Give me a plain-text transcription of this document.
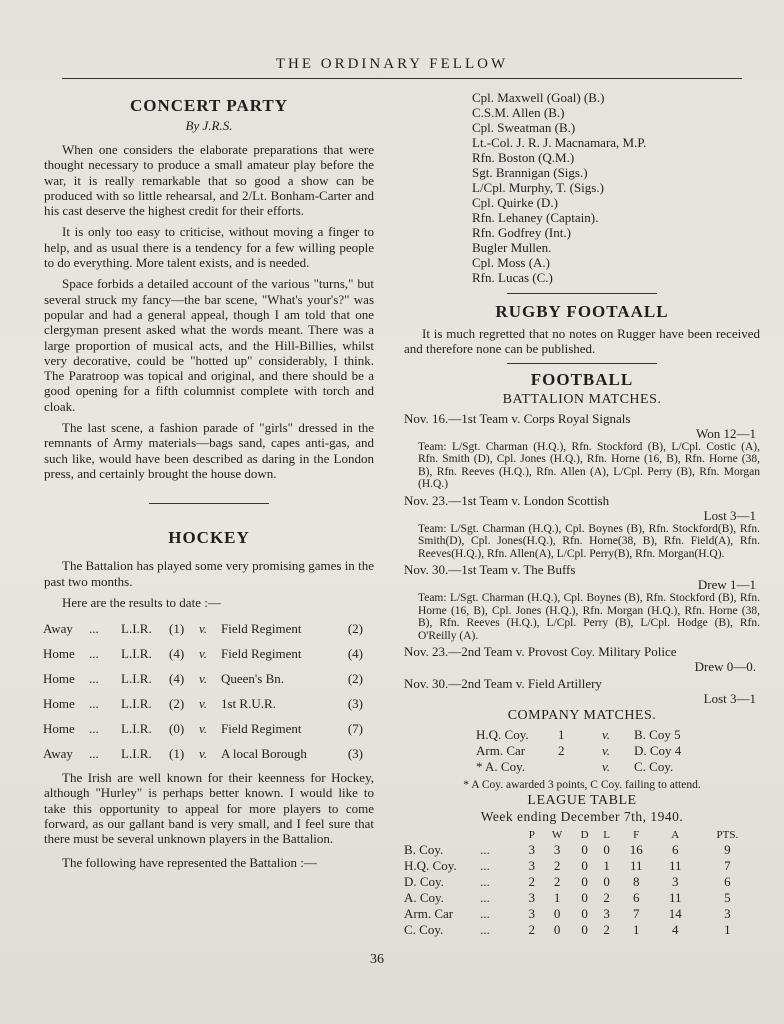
THE ORDINARY FELLOW
CONCERT PARTY
By J.R.S.

When one considers the elaborate preparations that were thought necessary to produce a small amateur play before the war, it is really remarkable that so good a show can be produced with so little rehearsal, and 2/Lt. Bonham-Carter and his cast deserve the highest credit for their efforts.

It is only too easy to criticise, without moving a finger to help, and as usual there is a tendency for a few willing people to do everything. More talent exists, and is needed.

Space forbids a detailed account of the various "turns," but several struck my fancy—the bar scene, "What's your's?" was popular and had a general appeal, though I am told that one clergyman present asked what the words meant. There was a large proportion of musical acts, and the Hill-Billies, whilst very decorative, could be "hotted up" considerably, I think. The Paratroop was topical and original, and there should be a good opening for a fifth columnist complete with torch and cloak.

The last scene, a fashion parade of "girls" dressed in the remnants of Army materials—bags sand, capes anti-gas, and such like, would have been described as daring in the London press, and certainly brought the house down.

HOCKEY

The Battalion has played some very promising games in the past two months.

Here are the results to date :—

Away	...	L.I.R.	(1)	v.	Field Regiment	(2)
Home	...	L.I.R.	(4)	v.	Field Regiment	(4)
Home	...	L.I.R.	(4)	v.	Queen's Bn.	(2)
Home	...	L.I.R.	(2)	v.	1st R.U.R.	(3)
Home	...	L.I.R.	(0)	v.	Field Regiment	(7)
Away	...	L.I.R.	(1)	v.	A local Borough	(3)

The Irish are well known for their keenness for Hockey, although "Hurley" is perhaps better known. I would like to take this opportunity to appeal for more players to come forward, as our gallant band is very small, and I feel sure that there must be several unknown players in the Battalion.

The following have represented the Battalion :—

Cpl. Maxwell (Goal) (B.)
C.S.M. Allen (B.)
Cpl. Sweatman (B.)
Lt.-Col. J. R. J. Macnamara, M.P.
Rfn. Boston (Q.M.)
Sgt. Brannigan (Sigs.)
L/Cpl. Murphy, T. (Sigs.)
Cpl. Quirke (D.)
Rfn. Lehaney (Captain).
Rfn. Godfrey (Int.)
Bugler Mullen.
Cpl. Moss (A.)
Rfn. Lucas (C.)
RUGBY FOOTAALL

It is much regretted that no notes on Rugger have been received and therefore none can be published.

FOOTBALL
BATTALION MATCHES.
Nov. 16.—1st Team v. Corps Royal Signals
Won 12—1
Team: L/Sgt. Charman (H.Q.), Rfn. Stockford (B), L/Cpl. Costic (A), Rfn. Smith (D), Cpl. Jones (H.Q.), Rfn. Horne (16, B), Rfn. Horne (38, B), Rfn. Reeves (H.Q.), Rfn. Allen (A), L/Cpl. Perry (B), Rfn. Morgan (H.Q.)
Nov. 23.—1st Team v. London Scottish
Lost 3—1
Team: L/Sgt. Charman (H.Q.), Cpl. Boynes (B), Rfn. Stockford(B), Rfn. Smith(D), Cpl. Jones(H.Q.), Rfn. Horne(38, B), Rfn. Field(A), Rfn. Reeves(H.Q.), Rfn. Allen(A), L/Cpl. Perry(B), Rfn. Morgan(H.Q).
Nov. 30.—1st Team v. The Buffs
Drew 1—1
Team: L/Sgt. Charman (H.Q.), Cpl. Boynes (B), Rfn. Stockford (B), Rfn. Horne (16, B), Cpl. Jones (H.Q.), Rfn. Morgan (H.Q.), Rfn. Horne (38, B), Rfn. Reeves (H.Q.), L/Cpl. Perry (B), L/Cpl. Hodge (B), Rfn. O'Reilly (A).
Nov. 23.—2nd Team v. Provost Coy. Military Police
Drew 0—0.
Nov. 30.—2nd Team v. Field Artillery
Lost 3—1
COMPANY MATCHES.
H.Q. Coy.	1	v.	B. Coy 5
Arm. Car	2	v.	D. Coy 4
* A. Coy.		v.	C. Coy.
* A Coy. awarded 3 points, C Coy. failing to attend.
LEAGUE TABLE
Week ending December 7th, 1940.
		P	W	D	L	F	A	PTS.
B. Coy.	...	3	3	0	0	16	6	9
H.Q. Coy.	...	3	2	0	1	11	11	7
D. Coy.	...	2	2	0	0	8	3	6
A. Coy.	...	3	1	0	2	6	11	5
Arm. Car	...	3	0	0	3	7	14	3
C. Coy.	...	2	0	0	2	1	4	1
36
